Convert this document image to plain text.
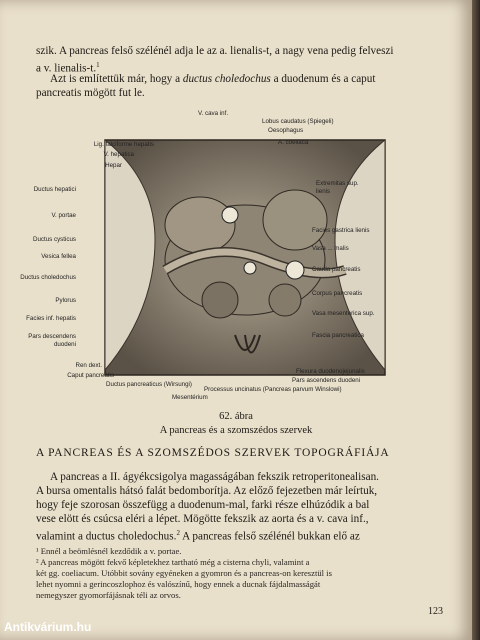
szik. A pancreas felső szélénél adja le az a. lienalis-t, a nagy vena pedig felveszi
a v. lienalis-t.$^1$
Azt is említettük már, hogy a ductus choledochus a duodenum és a caput
pancreatis mögött fut le.
Lig. falciforme hepatis
V. hepatica
Hepar
Ductus hepatici
V. portae
Ductus cysticus
Vesica fellea
Ductus choledochus
Pylorus
Facies inf. hepatis
Pars descendens
duodeni
Ren dext.
Caput pancreatis
Ductus pancreaticus (Wirsungi)
V. cava inf.
Lobus caudatus (Spiegeli)
Oesophagus
A. coeliaca
Extremitas sup.
lienis
Facies gastrica lienis
Vasa ... malis
Cauda pancreatis
Corpus pancreatis
Vasa mesenterica sup.
Fascia pancreatica
Flexura duodenojejunalis
Pars ascendens duodeni
Processus uncinatus (Pancreas parvum Winslowi)
Mesentérium
62. ábra
A pancreas és a szomszédos szervek
A PANCREAS ÉS A SZOMSZÉDOS SZERVEK TOPOGRÁFIÁJA
A pancreas a II. ágyékcsigolya magasságában fekszik retroperitonealisan.
A bursa omentalis hátsó falát bedomborítja. Az előző fejezetben már leírtuk,
hogy feje szorosan összefügg a duodenum-mal, farki része elhúzódik a bal
vese elött és csúcsa eléri a lépet. Mögötte fekszik az aorta és a v. cava inf.,
valamint a ductus choledochus.$^2$ A pancreas felső szélénél bukkan elő az
¹ Ennél a beömlésnél kezdődik a v. portae.
² A pancreas mögött fekvő képletekhez tartható még a cisterna chyli, valamint a
két gg. coeliacum. Utóbbit sovány egyéneken a gyomron és a pancreas-on keresztül is
lehet nyomni a gerincoszlophoz és valószínű, hogy ennek a ducnak fájdalmasságát
nemegyszer gyomorfájásnak téli az orvos.
123
Antikvárium.hu
